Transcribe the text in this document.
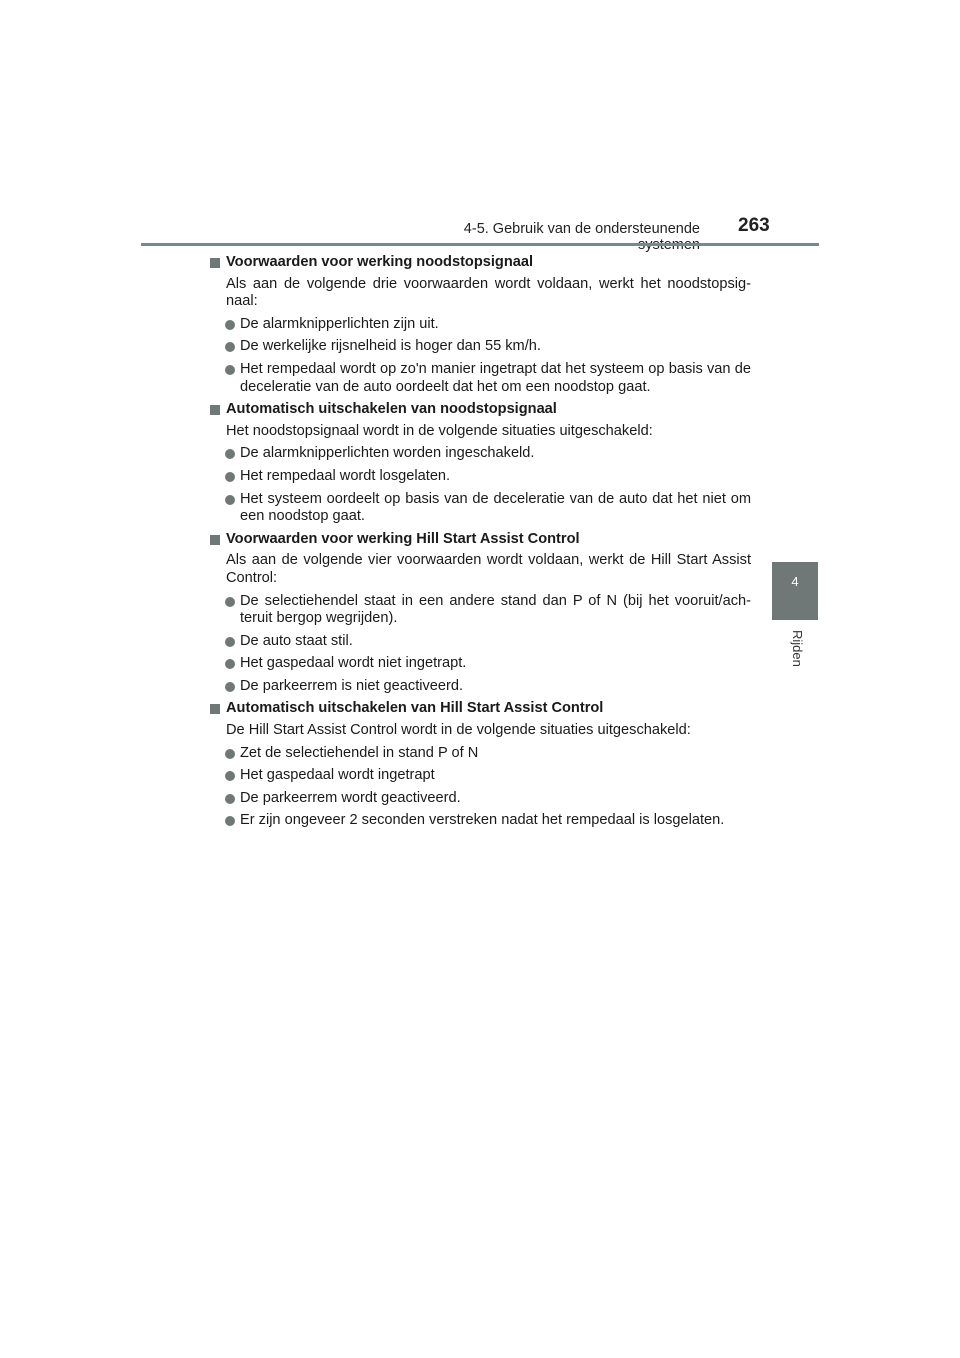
4-5. Gebruik van de ondersteunende 263
4
Rijden
Voorwaarden voor werking noodstopsignaal
Als aan de volgende drie voorwaarden wordt voldaan, werkt het noodstopsig-naal:
De alarmknipperlichten zijn uit.
De werkelijke rijsnelheid is hoger dan 55 km/h.
Het rempedaal wordt op zo'n manier ingetrapt dat het systeem op basis van de deceleratie van de auto oordeelt dat het om een noodstop gaat.
Automatisch uitschakelen van noodstopsignaal
Het noodstopsignaal wordt in de volgende situaties uitgeschakeld:
De alarmknipperlichten worden ingeschakeld.
Het rempedaal wordt losgelaten.
Het systeem oordeelt op basis van de deceleratie van de auto dat het niet om een noodstop gaat.
Voorwaarden voor werking Hill Start Assist Control
Als aan de volgende vier voorwaarden wordt voldaan, werkt de Hill Start Assist Control:
De selectiehendel staat in een andere stand dan P of N (bij het vooruit/ach-teruit bergop wegrijden).
De auto staat stil.
Het gaspedaal wordt niet ingetrapt.
De parkeerrem is niet geactiveerd.
Automatisch uitschakelen van Hill Start Assist Control
De Hill Start Assist Control wordt in de volgende situaties uitgeschakeld:
Zet de selectiehendel in stand P of N
Het gaspedaal wordt ingetrapt
De parkeerrem wordt geactiveerd.
Er zijn ongeveer 2 seconden verstreken nadat het rempedaal is losgelaten.
